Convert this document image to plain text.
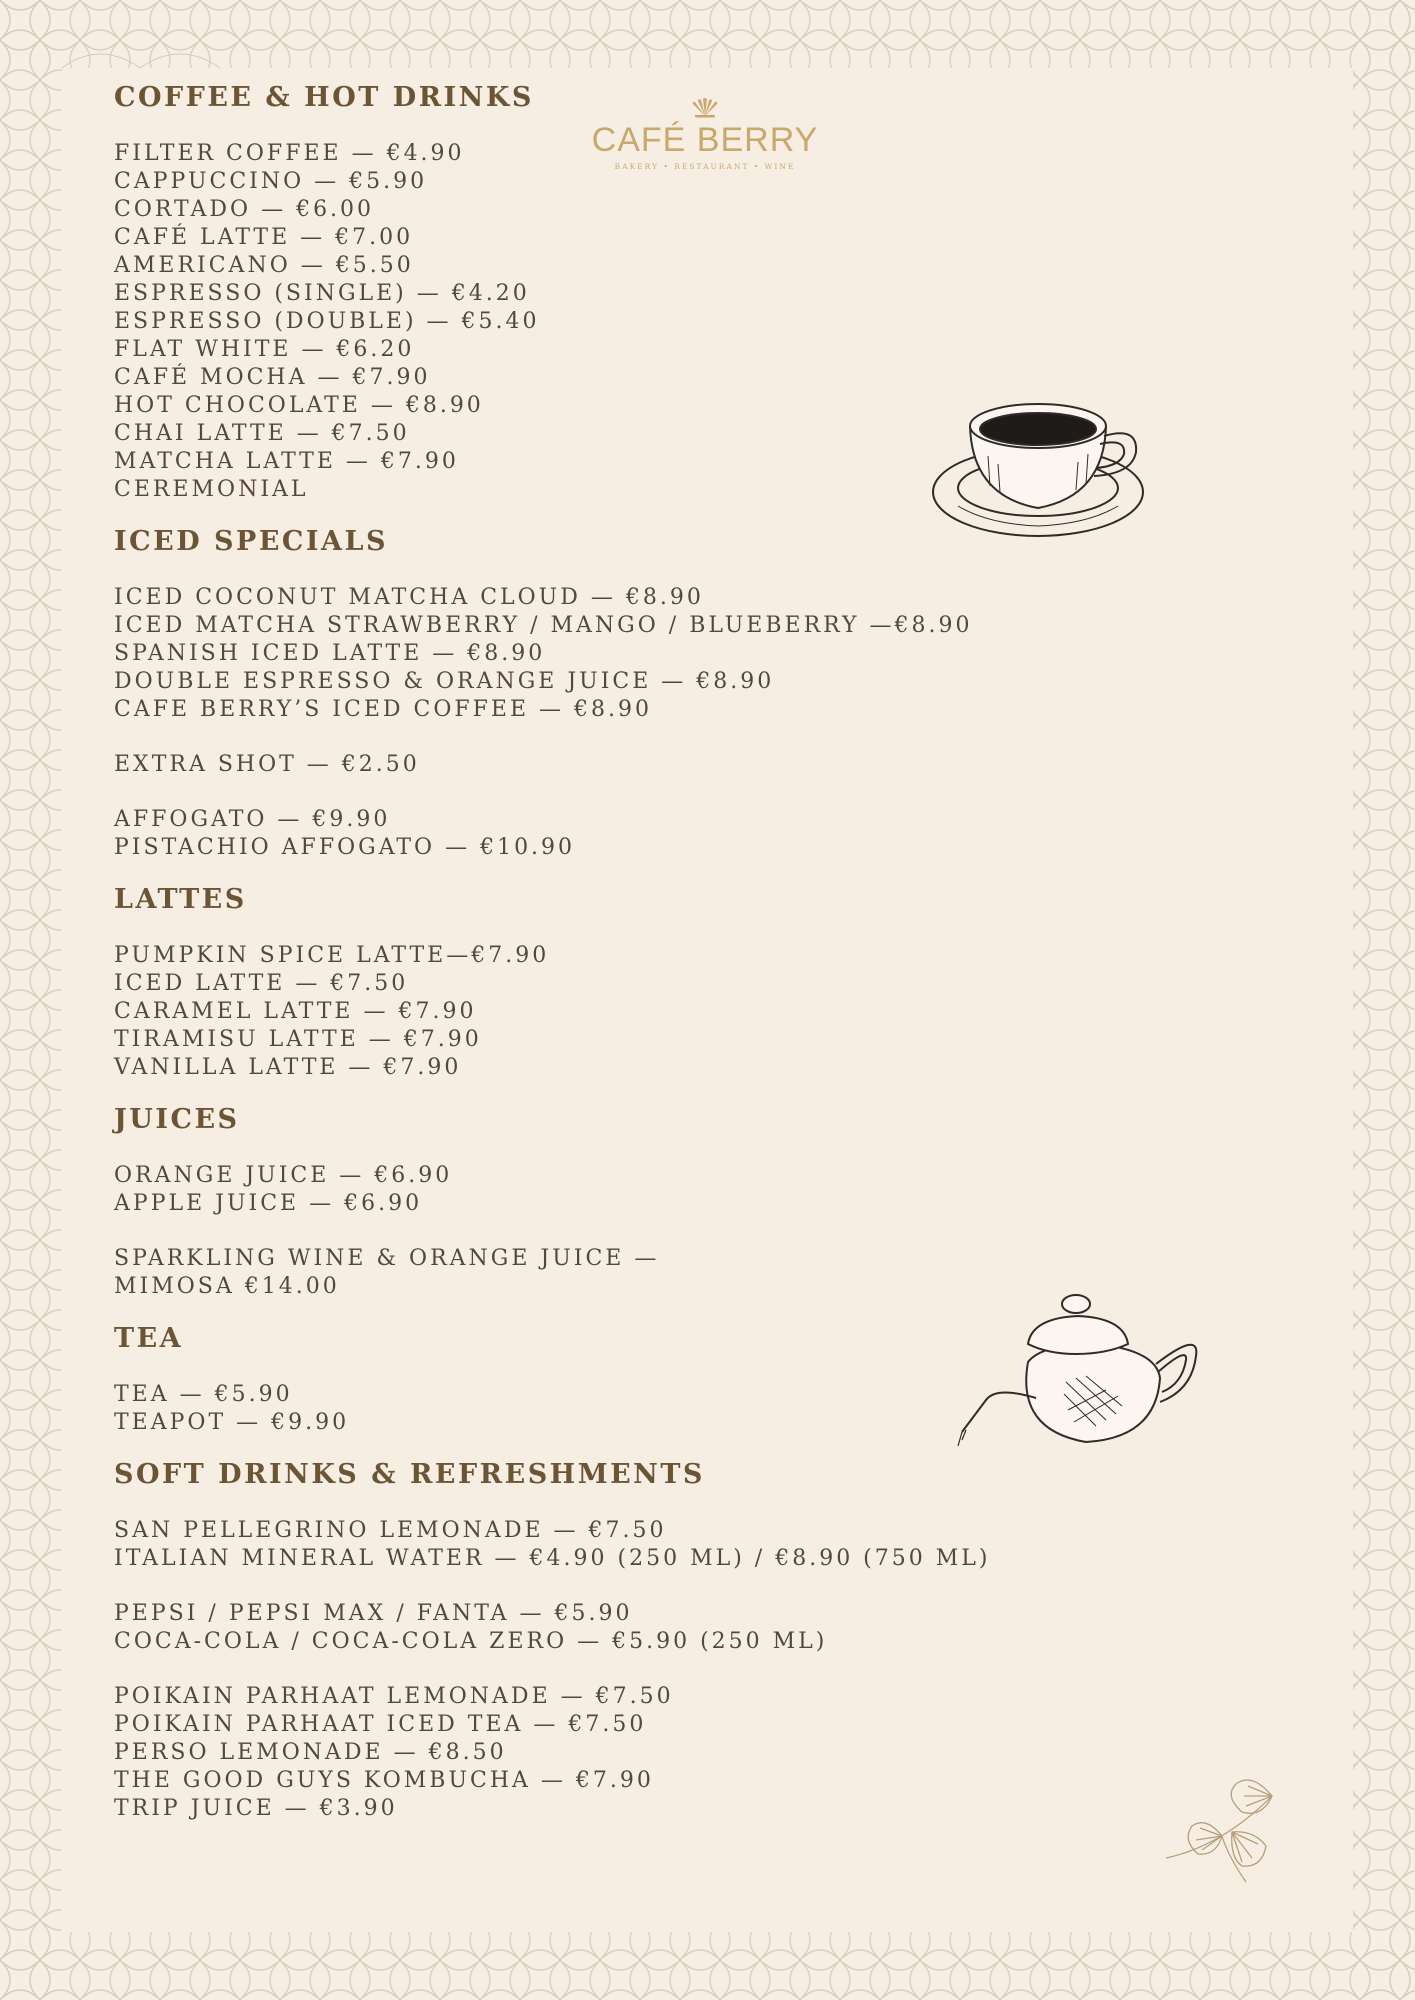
CAFÉ BERRY
BAKERY • RESTAURANT • WINE
COFFEE & HOT DRINKS
FILTER COFFEE — €4.90
CAPPUCCINO — €5.90
CORTADO — €6.00
CAFÉ LATTE — €7.00
AMERICANO — €5.50
ESPRESSO (SINGLE) — €4.20
ESPRESSO (DOUBLE) — €5.40
FLAT WHITE — €6.20
CAFÉ MOCHA — €7.90
HOT CHOCOLATE — €8.90
CHAI LATTE — €7.50
MATCHA LATTE — €7.90
CEREMONIAL
ICED SPECIALS
ICED COCONUT MATCHA CLOUD — €8.90
ICED MATCHA STRAWBERRY / MANGO / BLUEBERRY —€8.90
SPANISH ICED LATTE — €8.90
DOUBLE ESPRESSO & ORANGE JUICE — €8.90
CAFE BERRY’S ICED COFFEE — €8.90
EXTRA SHOT — €2.50
AFFOGATO — €9.90
PISTACHIO AFFOGATO — €10.90
LATTES
PUMPKIN SPICE LATTE—€7.90
ICED LATTE — €7.50
CARAMEL LATTE — €7.90
TIRAMISU LATTE — €7.90
VANILLA LATTE — €7.90
JUICES
ORANGE JUICE — €6.90
APPLE JUICE — €6.90
SPARKLING WINE & ORANGE JUICE —
MIMOSA €14.00
TEA
TEA — €5.90
TEAPOT — €9.90
SOFT DRINKS & REFRESHMENTS
SAN PELLEGRINO LEMONADE — €7.50
ITALIAN MINERAL WATER — €4.90 (250 ML) / €8.90 (750 ML)
PEPSI / PEPSI MAX / FANTA — €5.90
COCA-COLA / COCA-COLA ZERO — €5.90 (250 ML)
POIKAIN PARHAAT LEMONADE — €7.50
POIKAIN PARHAAT ICED TEA — €7.50
PERSO LEMONADE — €8.50
THE GOOD GUYS KOMBUCHA — €7.90
TRIP JUICE — €3.90
